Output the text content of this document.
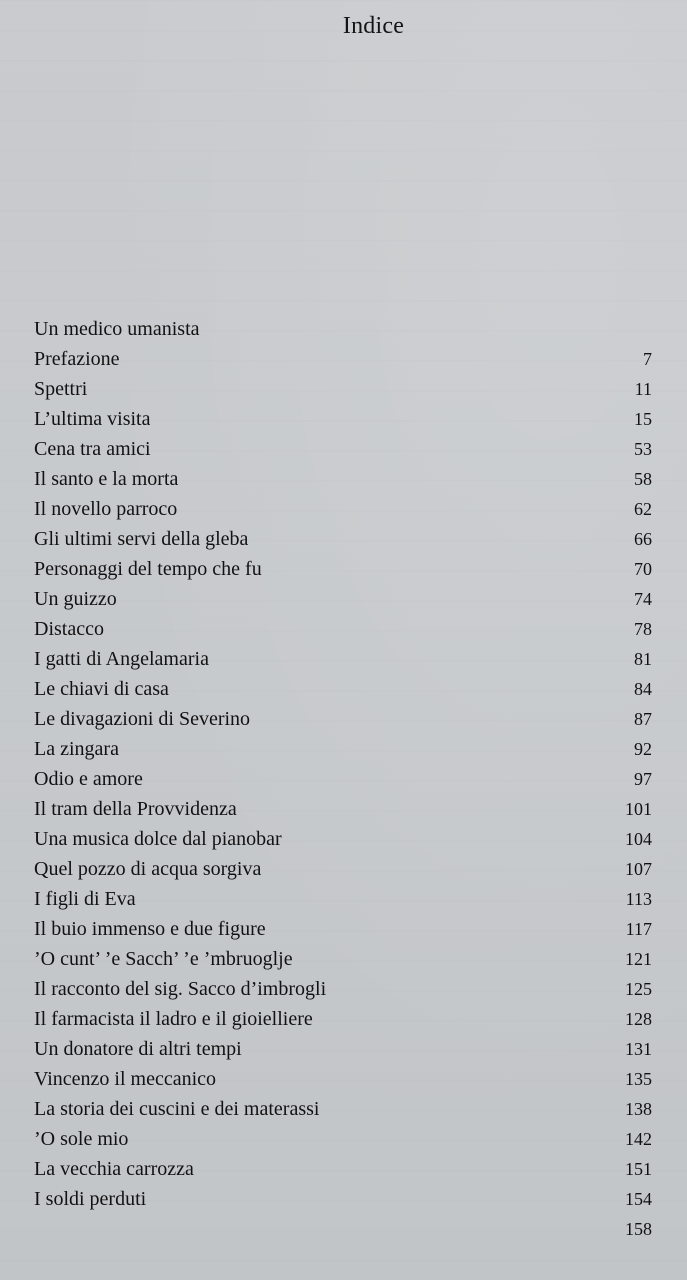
Indice
Un medico umanista
Prefazione	7
Spettri	11
L’ultima visita	15
Cena tra amici	53
Il santo e la morta	58
Il novello parroco	62
Gli ultimi servi della gleba	66
Personaggi del tempo che fu	70
Un guizzo	74
Distacco	78
I gatti di Angelamaria	81
Le chiavi di casa	84
Le divagazioni di Severino	87
La zingara	92
Odio e amore	97
Il tram della Provvidenza	101
Una musica dolce dal pianobar	104
Quel pozzo di acqua sorgiva	107
I figli di Eva	113
Il buio immenso e due figure	117
’O cunt’ ’e Sacch’ ’e ’mbruoglje	121
Il racconto del sig. Sacco d’imbrogli	125
Il farmacista il ladro e il gioielliere	128
Un donatore di altri tempi	131
Vincenzo il meccanico	135
La storia dei cuscini e dei materassi	138
’O sole mio	142
La vecchia carrozza	151
I soldi perduti	154
158
